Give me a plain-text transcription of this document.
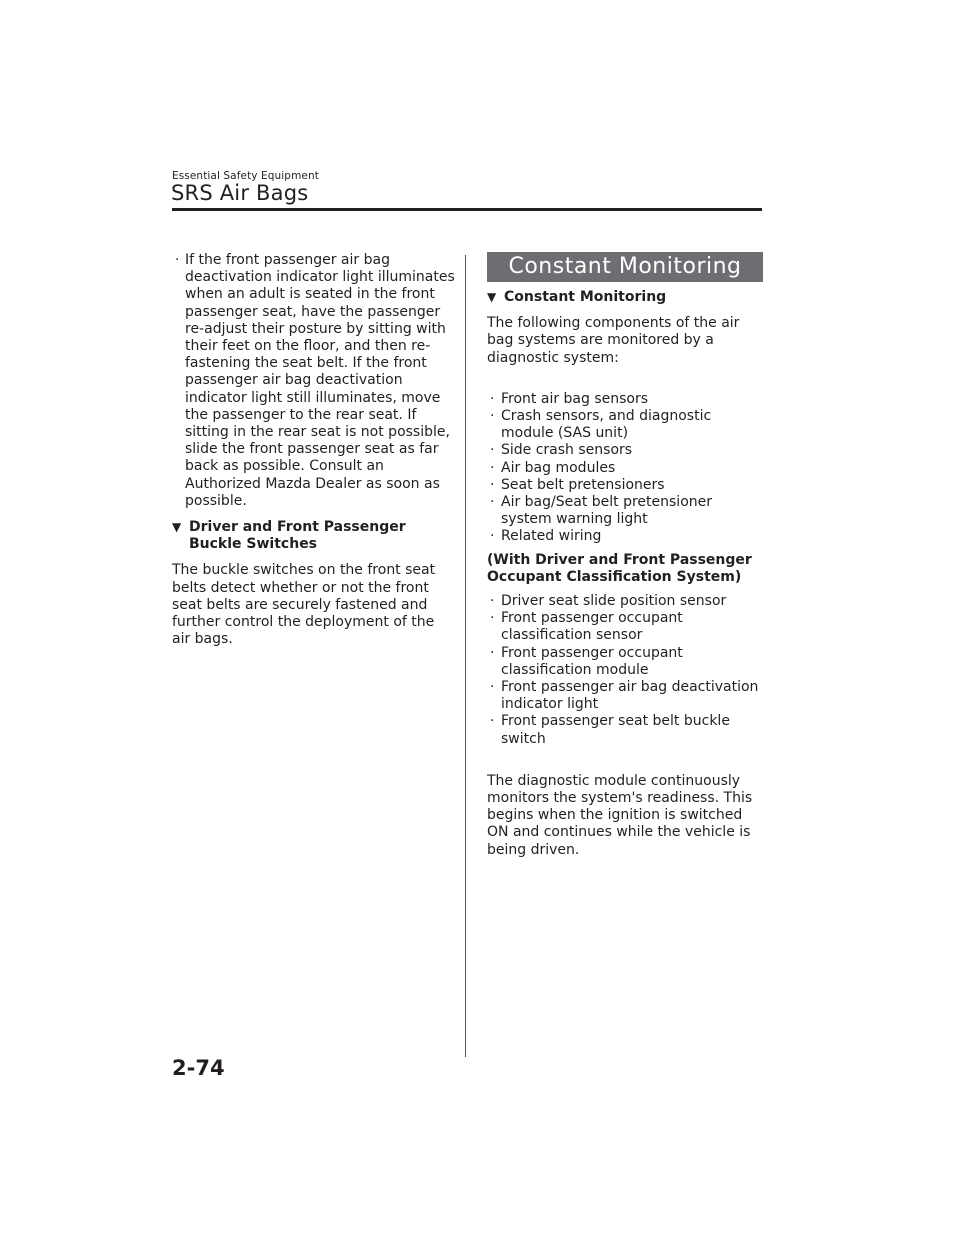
Essential Safety Equipment
SRS Air Bags
· If the front passenger air bag deactivation indicator light illuminates when an adult is seated in the front passenger seat, have the passenger re-adjust their posture by sitting with their feet on the floor, and then re-fastening the seat belt. If the front passenger air bag deactivation indicator light still illuminates, move the passenger to the rear seat. If sitting in the rear seat is not possible, slide the front passenger seat as far back as possible. Consult an Authorized Mazda Dealer as soon as possible.
▼ Driver and Front Passenger Buckle Switches

The buckle switches on the front seat belts detect whether or not the front seat belts are securely fastened and further control the deployment of the air bags.

Constant Monitoring
▼ Constant Monitoring

The following components of the air bag systems are monitored by a diagnostic system:

· Front air bag sensors
· Crash sensors, and diagnostic module (SAS unit)
· Side crash sensors
· Air bag modules
· Seat belt pretensioners
· Air bag/Seat belt pretensioner system warning light
· Related wiring

(With Driver and Front Passenger Occupant Classification System)

· Driver seat slide position sensor
· Front passenger occupant classification sensor
· Front passenger occupant classification module
· Front passenger air bag deactivation indicator light
· Front passenger seat belt buckle switch

The diagnostic module continuously monitors the system's readiness. This begins when the ignition is switched ON and continues while the vehicle is being driven.

2-74
